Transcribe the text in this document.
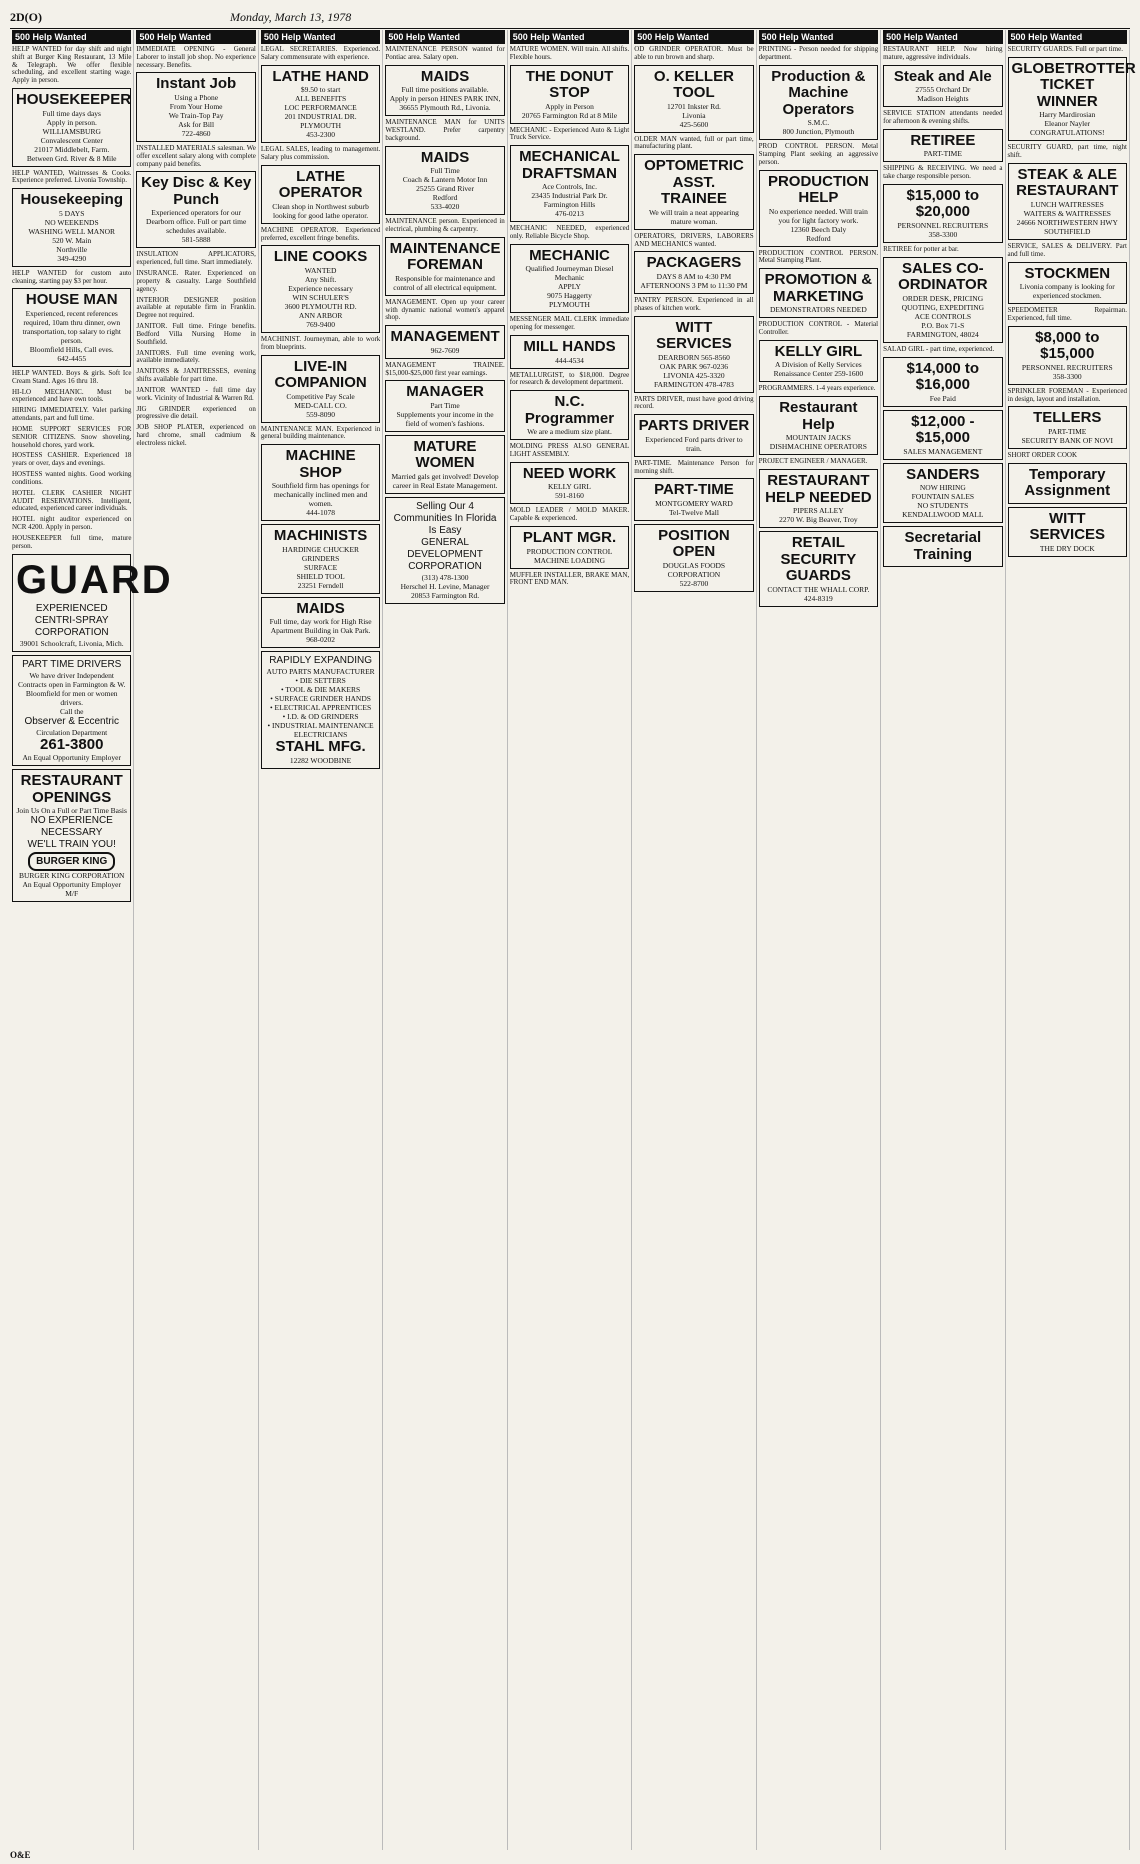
2D(O)	Monday, March 13, 1978
500 Help Wanted
HELP WANTED for day shift and night shift at Burger King Restaurant, 13 Mile & Telegraph. We offer flexible scheduling, and excellent starting wage. Apply in person.
HOUSEKEEPER
Full time days days
Apply in person.
WILLIAMSBURG
Convalescent Center
21017 Middlebelt, Farm.
Between Grd. River & 8 Mile
HELP WANTED, Waitresses & Cooks. Experience preferred. Livonia Township.
Housekeeping
5 DAYS
NO WEEKENDS
WASHING WELL MANOR
520 W. Main
Northville
349-4290
HELP WANTED for custom auto cleaning, starting pay $3 per hour.
HOUSE MAN
Experienced, recent references required, 10am thru dinner, own transportation, top salary to right person.
Bloomfield Hills, Call eves.
642-4455
HELP WANTED. Boys & girls. Soft Ice Cream Stand. Ages 16 thru 18.
HI-LO MECHANIC. Must be experienced and have own tools.
HIRING IMMEDIATELY. Valet parking attendants, part and full time.
HOME SUPPORT SERVICES FOR SENIOR CITIZENS. Snow shoveling, household chores, yard work.
HOSTESS CASHIER. Experienced 18 years or over, days and evenings.
HOSTESS wanted nights. Good working conditions.
HOTEL CLERK CASHIER NIGHT AUDIT RESERVATIONS. Intelligent, educated, experienced career individuals.
HOTEL night auditor experienced on NCR 4200. Apply in person.
HOUSEKEEPER full time, mature person.
GUARD
EXPERIENCED
CENTRI-SPRAY
CORPORATION
39001 Schoolcraft, Livonia, Mich.
PART TIME DRIVERS
We have driver Independent Contracts open in Farmington & W. Bloomfield for men or women drivers.
Call the
Observer & Eccentric
Circulation Department
261-3800
An Equal Opportunity Employer
RESTAURANT OPENINGS
Join Us On a Full or Part Time Basis
NO EXPERIENCE NECESSARY
WE'LL TRAIN YOU!
BURGER KING
BURGER KING CORPORATION
An Equal Opportunity Employer M/F
500 Help Wanted
IMMEDIATE OPENING - General Laborer to install job shop. No experience necessary. Benefits.
Instant Job
Using a Phone
From Your Home
We Train-Top Pay
Ask for Bill
722-4860
INSTALLED MATERIALS salesman. We offer excellent salary along with complete company paid benefits.
Key Disc & Key Punch
Experienced operators for our Dearborn office. Full or part time schedules available.
581-5888
INSULATION APPLICATORS, experienced, full time. Start immediately.
INSURANCE. Rater. Experienced on property & casualty. Large Southfield agency.
INTERIOR DESIGNER position available at reputable firm in Franklin. Degree not required.
JANITOR. Full time. Fringe benefits. Bedford Villa Nursing Home in Southfield.
JANITORS. Full time evening work, available immediately.
JANITORS & JANITRESSES, evening shifts available for part time.
JANITOR WANTED - full time day work. Vicinity of Industrial & Warren Rd.
JIG GRINDER experienced on progressive die detail.
JOB SHOP PLATER, experienced on hard chrome, small cadmium & electroless nickel.
500 Help Wanted
LEGAL SECRETARIES. Experienced. Salary commensurate with experience.
LATHE HAND
$9.50 to start
ALL BENEFITS
LOC PERFORMANCE
201 INDUSTRIAL DR.
PLYMOUTH
453-2300
LEGAL SALES, leading to management. Salary plus commission.
LATHE OPERATOR
Clean shop in Northwest suburb looking for good lathe operator.
MACHINE OPERATOR. Experienced preferred, excellent fringe benefits.
LINE COOKS
WANTED
Any Shift.
Experience necessary
WIN SCHULER'S
3600 PLYMOUTH RD.
ANN ARBOR
769-9400
MACHINIST. Journeyman, able to work from blueprints.
LIVE-IN COMPANION
Competitive Pay Scale
MED-CALL CO.
559-8090
MAINTENANCE MAN. Experienced in general building maintenance.
MACHINE SHOP
Southfield firm has openings for mechanically inclined men and women.
444-1078
MACHINISTS
HARDINGE CHUCKER
GRINDERS
SURFACE
SHIELD TOOL
23251 Ferndell
MAIDS
Full time, day work for High Rise Apartment Building in Oak Park.
968-0202
RAPIDLY EXPANDING
AUTO PARTS MANUFACTURER
• DIE SETTERS
• TOOL & DIE MAKERS
• SURFACE GRINDER HANDS
• ELECTRICAL APPRENTICES
• I.D. & OD GRINDERS
• INDUSTRIAL MAINTENANCE ELECTRICIANS
STAHL MFG.
12282 WOODBINE
500 Help Wanted
MAINTENANCE PERSON wanted for Pontiac area. Salary open.
MAIDS
Full time positions available.
Apply in person HINES PARK INN, 36655 Plymouth Rd., Livonia.
MAINTENANCE MAN for UNITS WESTLAND. Prefer carpentry background.
MAIDS
Full Time
Coach & Lantern Motor Inn
25255 Grand River
Redford
533-4020
MAINTENANCE person. Experienced in electrical, plumbing & carpentry.
MAINTENANCE FOREMAN
Responsible for maintenance and control of all electrical equipment.
MANAGEMENT. Open up your career with dynamic national women's apparel shop.
MANAGEMENT
962-7609
MANAGEMENT TRAINEE. $15,000-$25,000 first year earnings.
MANAGER
Part Time
Supplements your income in the field of women's fashions.
MATURE WOMEN
Married gals get involved! Develop career in Real Estate Management.
Selling Our 4 Communities In Florida Is Easy
GENERAL DEVELOPMENT CORPORATION
(313) 478-1300
Herschel H. Levine, Manager
20853 Farmington Rd.
500 Help Wanted
MATURE WOMEN. Will train. All shifts. Flexible hours.
THE DONUT STOP
Apply in Person
20765 Farmington Rd at 8 Mile
MECHANIC - Experienced Auto & Light Truck Service.
MECHANICAL DRAFTSMAN
Ace Controls, Inc.
23435 Industrial Park Dr.
Farmington Hills
476-0213
MECHANIC NEEDED, experienced only. Reliable Bicycle Shop.
MECHANIC
Qualified Journeyman Diesel Mechanic
APPLY
9075 Haggerty
PLYMOUTH
MESSENGER MAIL CLERK immediate opening for messenger.
MILL HANDS
444-4534
METALLURGIST, to $18,000. Degree for research & development department.
N.C. Programmer
We are a medium size plant.
MOLDING PRESS ALSO GENERAL LIGHT ASSEMBLY.
NEED WORK
KELLY GIRL
591-8160
MOLD LEADER / MOLD MAKER. Capable & experienced.
PLANT MGR.
PRODUCTION CONTROL
MACHINE LOADING
MUFFLER INSTALLER, BRAKE MAN, FRONT END MAN.
500 Help Wanted
OD GRINDER OPERATOR. Must be able to run brown and sharp.
O. KELLER TOOL
12701 Inkster Rd.
Livonia
425-5600
OLDER MAN wanted, full or part time, manufacturing plant.
OPTOMETRIC ASST. TRAINEE
We will train a neat appearing mature woman.
OPERATORS, DRIVERS, LABORERS AND MECHANICS wanted.
PACKAGERS
DAYS 8 AM to 4:30 PM
AFTERNOONS 3 PM to 11:30 PM
PANTRY PERSON. Experienced in all phases of kitchen work.
WITT SERVICES
DEARBORN 565-8560
OAK PARK 967-0236
LIVONIA 425-3320
FARMINGTON 478-4783
PARTS DRIVER, must have good driving record.
PARTS DRIVER
Experienced Ford parts driver to train.
PART-TIME. Maintenance Person for morning shift.
PART-TIME
MONTGOMERY WARD
Tel-Twelve Mall
POSITION OPEN
DOUGLAS FOODS CORPORATION
522-8700
500 Help Wanted
PRINTING - Person needed for shipping department.
Production & Machine Operators
S.M.C.
800 Junction, Plymouth
PROD CONTROL PERSON. Metal Stamping Plant seeking an aggressive person.
PRODUCTION HELP
No experience needed. Will train you for light factory work.
12360 Beech Daly
Redford
PRODUCTION CONTROL PERSON. Metal Stamping Plant.
PROMOTION & MARKETING
DEMONSTRATORS NEEDED
PRODUCTION CONTROL - Material Controller.
KELLY GIRL
A Division of Kelly Services
Renaissance Center 259-1600
PROGRAMMERS. 1-4 years experience.
Restaurant Help
MOUNTAIN JACKS
DISHMACHINE OPERATORS
PROJECT ENGINEER / MANAGER.
RESTAURANT HELP NEEDED
PIPERS ALLEY
2270 W. Big Beaver, Troy
RETAIL SECURITY GUARDS
CONTACT THE WHALL CORP.
424-8319
500 Help Wanted
RESTAURANT HELP. Now hiring mature, aggressive individuals.
Steak and Ale
27555 Orchard Dr
Madison Heights
SERVICE STATION attendants needed for afternoon & evening shifts.
RETIREE
PART-TIME
SHIPPING & RECEIVING. We need a take charge responsible person.
$15,000 to $20,000
PERSONNEL RECRUITERS
358-3300
RETIREE for potter at bar.
SALES CO-ORDINATOR
ORDER DESK, PRICING QUOTING, EXPEDITING
ACE CONTROLS
P.O. Box 71-S
FARMINGTON, 48024
SALAD GIRL - part time, experienced.
$14,000 to $16,000
Fee Paid
$12,000 - $15,000
SALES MANAGEMENT
SANDERS
NOW HIRING
FOUNTAIN SALES
NO STUDENTS
KENDALLWOOD MALL
Secretarial Training
500 Help Wanted
SECURITY GUARDS. Full or part time.
GLOBETROTTER TICKET WINNER
Harry Mardirosian
Eleanor Nayler
CONGRATULATIONS!
SECURITY GUARD, part time, night shift.
STEAK & ALE RESTAURANT
LUNCH WAITRESSES
WAITERS & WAITRESSES
24666 NORTHWESTERN HWY
SOUTHFIELD
SERVICE, SALES & DELIVERY. Part and full time.
STOCKMEN
Livonia company is looking for experienced stockmen.
SPEEDOMETER Repairman. Experienced, full time.
$8,000 to $15,000
PERSONNEL RECRUITERS
358-3300
SPRINKLER FOREMAN - Experienced in design, layout and installation.
TELLERS
PART-TIME
SECURITY BANK OF NOVI
SHORT ORDER COOK
Temporary Assignment
WITT SERVICES
THE DRY DOCK
O&E
